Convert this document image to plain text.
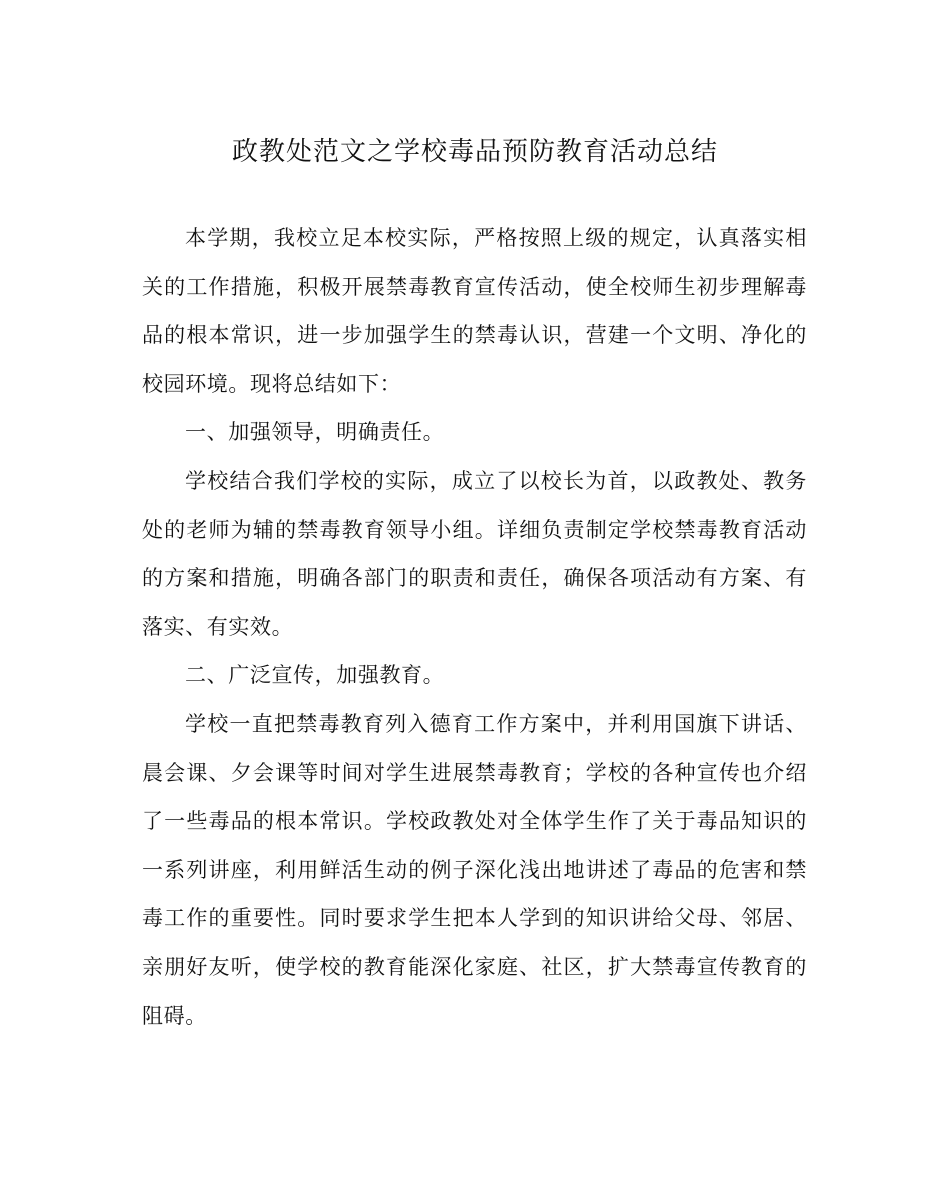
政教处范文之学校毒品预防教育活动总结

本学期，我校立足本校实际，严格按照上级的规定，认真落实相关的工作措施，积极开展禁毒教育宣传活动，使全校师生初步理解毒品的根本常识，进一步加强学生的禁毒认识，营建一个文明、净化的校园环境。现将总结如下：

一、加强领导，明确责任。

学校结合我们学校的实际，成立了以校长为首，以政教处、教务处的老师为辅的禁毒教育领导小组。详细负责制定学校禁毒教育活动的方案和措施，明确各部门的职责和责任，确保各项活动有方案、有落实、有实效。

二、广泛宣传，加强教育。

学校一直把禁毒教育列入德育工作方案中，并利用国旗下讲话、晨会课、夕会课等时间对学生进展禁毒教育；学校的各种宣传也介绍了一些毒品的根本常识。学校政教处对全体学生作了关于毒品知识的一系列讲座，利用鲜活生动的例子深化浅出地讲述了毒品的危害和禁毒工作的重要性。同时要求学生把本人学到的知识讲给父母、邻居、亲朋好友听，使学校的教育能深化家庭、社区，扩大禁毒宣传教育的阻碍。
